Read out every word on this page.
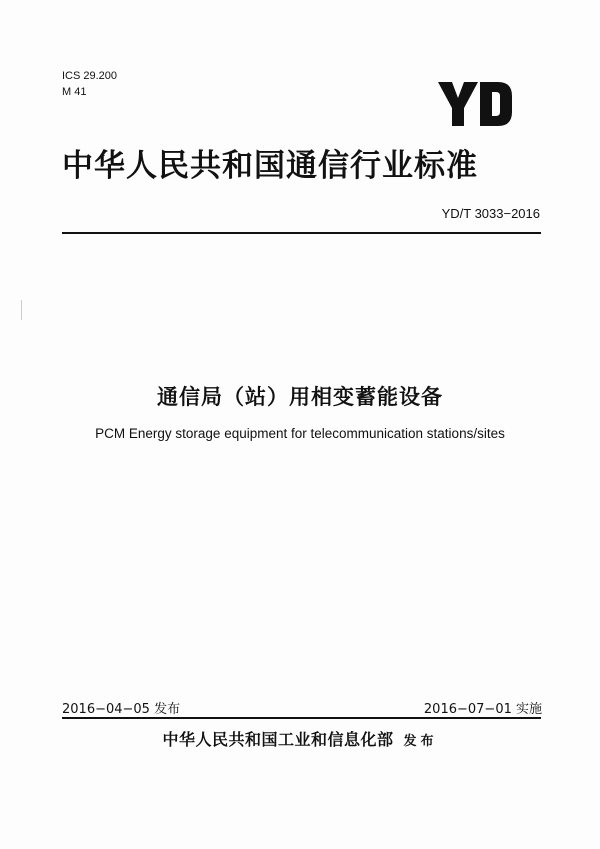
ICS 29.200
M 41
中华人民共和国通信行业标准
YD/T 3033−2016
通信局（站）用相变蓄能设备
PCM Energy storage equipment for telecommunication stations/sites
2016−04−05 发布	2016−07−01 实施
中华人民共和国工业和信息化部 发布
